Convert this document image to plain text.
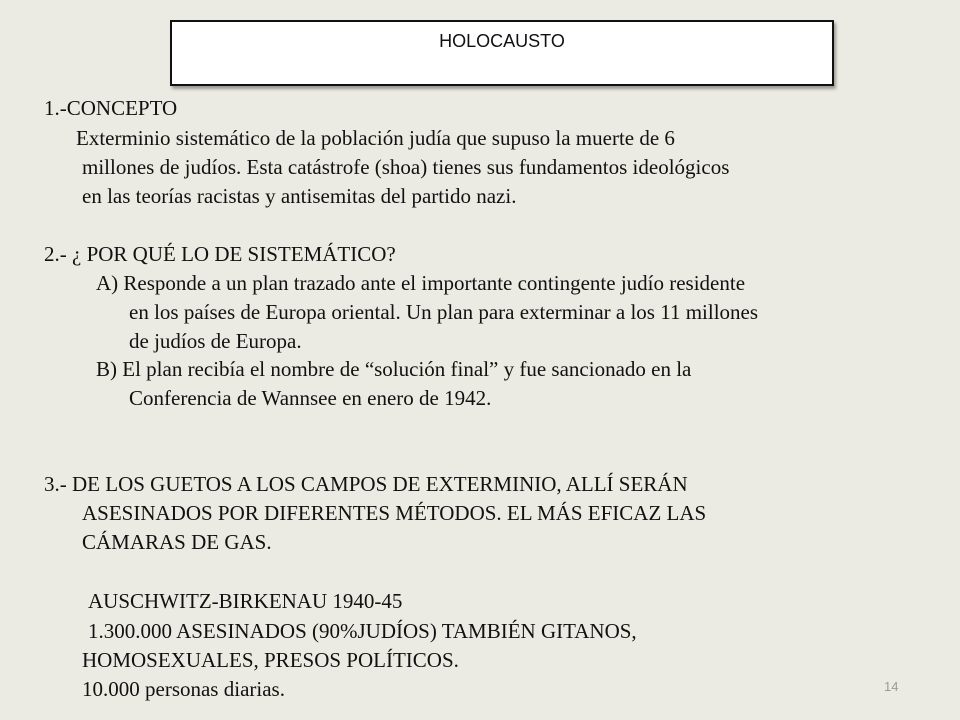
HOLOCAUSTO
1.-CONCEPTO
Exterminio sistemático de la población judía que supuso la muerte de 6
millones de judíos. Esta catástrofe (shoa) tienes sus fundamentos ideológicos
en las teorías racistas y antisemitas del partido nazi.
2.- ¿ POR QUÉ LO DE SISTEMÁTICO?
A) Responde a un plan trazado ante el importante contingente judío residente
en los países de Europa oriental. Un plan para exterminar a los 11 millones
de judíos de Europa.
B) El plan recibía el nombre de “solución final” y fue sancionado en la
Conferencia de Wannsee en enero de 1942.
3.- DE LOS GUETOS A LOS CAMPOS DE EXTERMINIO, ALLÍ SERÁN
ASESINADOS POR DIFERENTES MÉTODOS. EL MÁS EFICAZ LAS
CÁMARAS DE GAS.
AUSCHWITZ-BIRKENAU 1940-45
1.300.000 ASESINADOS (90%JUDÍOS) TAMBIÉN GITANOS,
HOMOSEXUALES, PRESOS POLÍTICOS.
10.000 personas diarias.	14
